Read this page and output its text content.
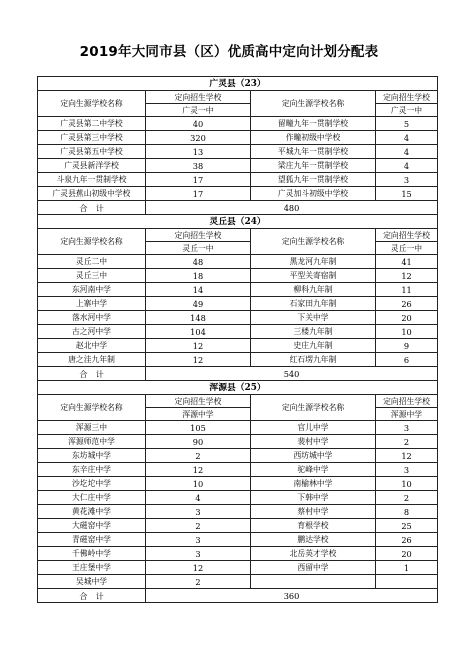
2019年大同市县（区）优质高中定向计划分配表
广灵县（23）			
定向生源学校名称	定向招生学校	定向生源学校名称	定向招生学校
	广灵一中		广灵一中
广灵县第二中学校	40	留疃九年一贯制学校	5
广灵县第三中学校	320	作疃初级中学校	4
广灵县第五中学校	13	平城九年一贯制学校	4
广灵县新洋学校	38	梁庄九年一贯制学校	4
斗泉九年一贯制学校	17	望狐九年一贯制学校	3
广灵县蕉山初级中学校	17	广灵加斗初级中学校	15
合　计	480		
灵丘县（24）			
定向生源学校名称	定向招生学校	定向生源学校名称	定向招生学校
	灵丘一中		灵丘一中
灵丘二中	48	黑龙河九年制	41
灵丘三中	18	平型关寄宿制	12
东河南中学	14	柳科九年制	11
上寨中学	49	石家田九年制	26
落水河中学	148	下关中学	20
古之河中学	104	三楼九年制	10
赵北中学	12	史庄九年制	9
唐之洼九年制	12	红石塄九年制	6
合　计	540		
浑源县（25）			
定向生源学校名称	定向招生学校	定向生源学校名称	定向招生学校
	浑源中学		浑源中学
浑源三中	105	官儿中学	3
浑源师范中学	90	裴村中学	2
东坊城中学	2	西坊城中学	12
东辛庄中学	12	驼峰中学	3
沙圪坨中学	10	南榆林中学	10
大仁庄中学	4	下韩中学	2
黄花滩中学	3	蔡村中学	8
大磁窑中学	2	育根学校	25
青磁窑中学	3	鹏达学校	26
千佛岭中学	3	北岳英才学校	20
王庄堡中学	12	西留中学	1
吴城中学	2		
合　计	360		
